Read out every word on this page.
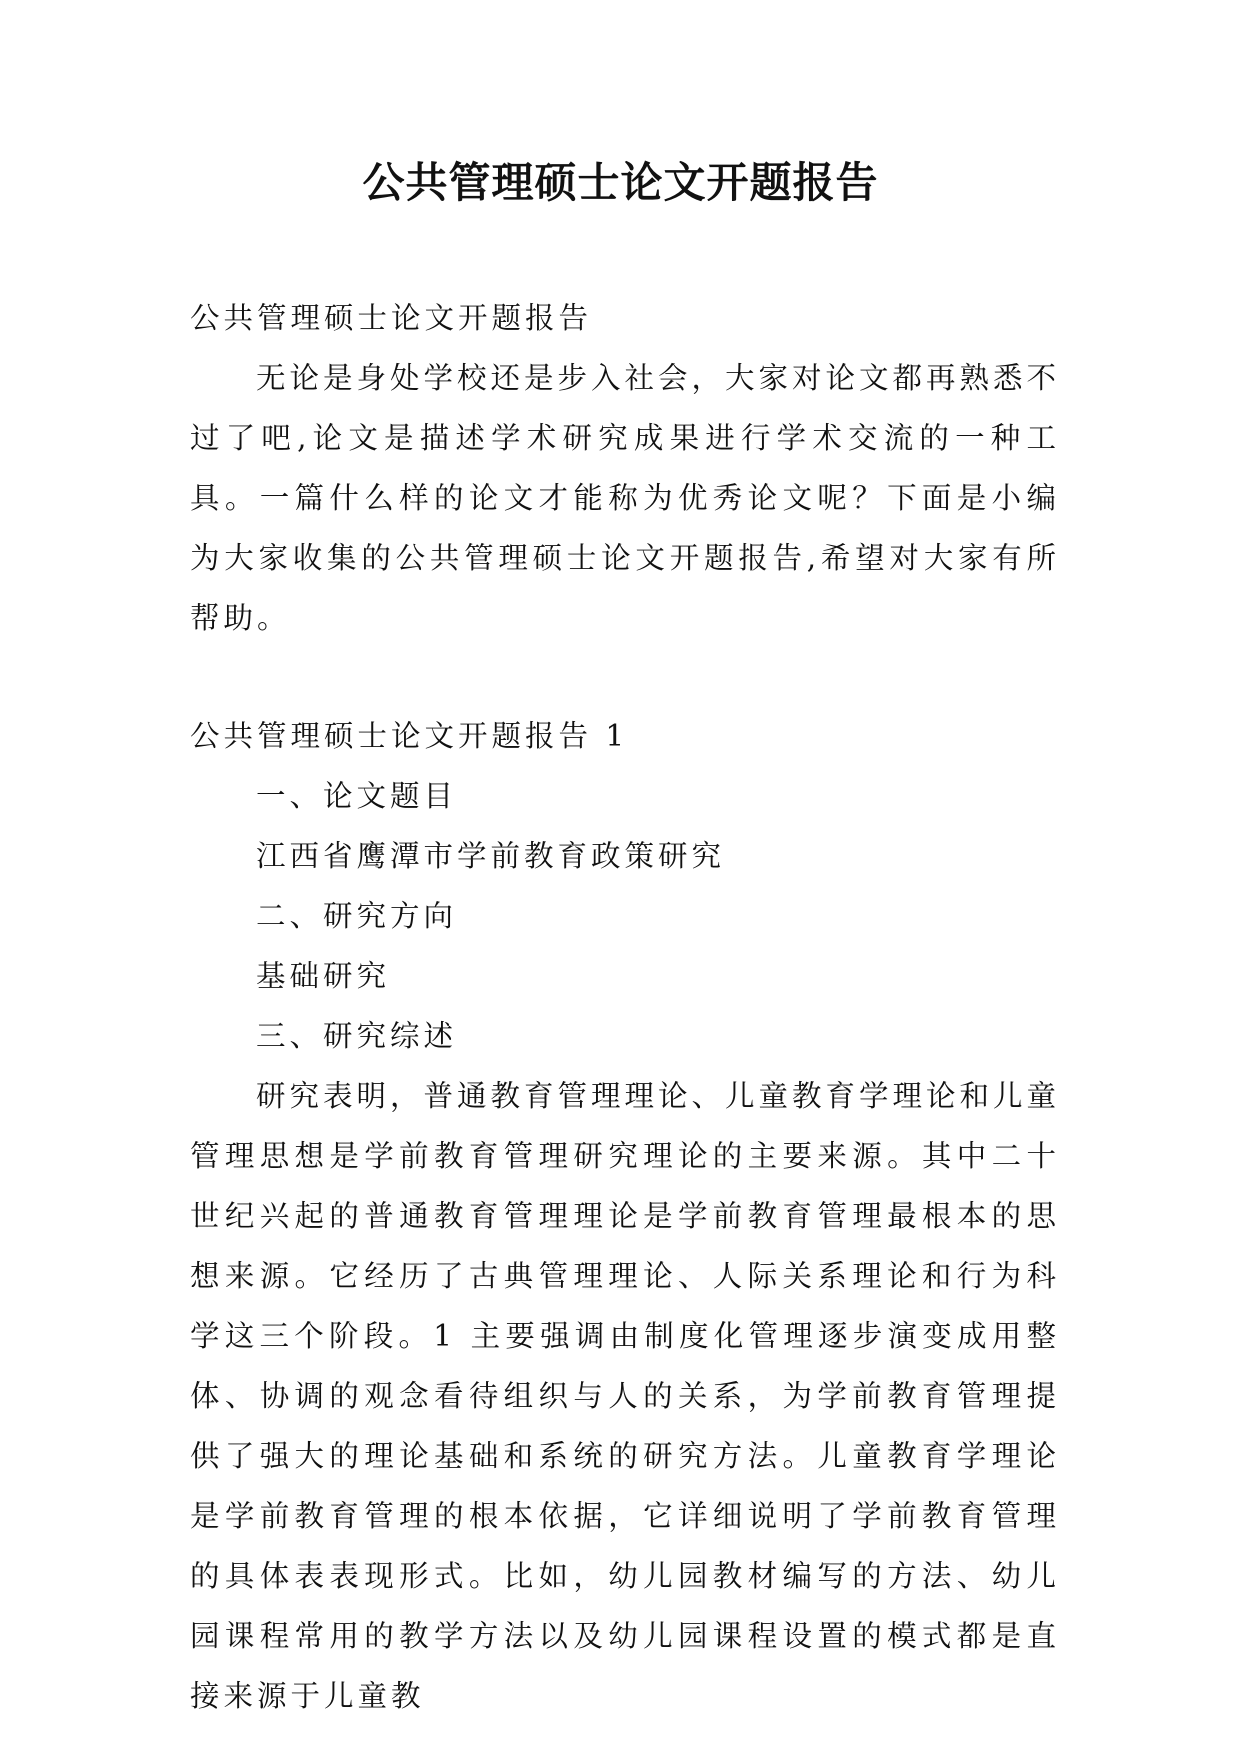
公共管理硕士论文开题报告

公共管理硕士论文开题报告

无论是身处学校还是步入社会，大家对论文都再熟悉不过了吧,论文是描述学术研究成果进行学术交流的一种工具。一篇什么样的论文才能称为优秀论文呢？下面是小编为大家收集的公共管理硕士论文开题报告,希望对大家有所帮助。

公共管理硕士论文开题报告 1

一、论文题目

江西省鹰潭市学前教育政策研究

二、研究方向

基础研究

三、研究综述

研究表明，普通教育管理理论、儿童教育学理论和儿童管理思想是学前教育管理研究理论的主要来源。其中二十世纪兴起的普通教育管理理论是学前教育管理最根本的思想来源。它经历了古典管理理论、人际关系理论和行为科学这三个阶段。1 主要强调由制度化管理逐步演变成用整体、协调的观念看待组织与人的关系，为学前教育管理提供了强大的理论基础和系统的研究方法。儿童教育学理论是学前教育管理的根本依据，它详细说明了学前教育管理的具体表表现形式。比如，幼儿园教材编写的方法、幼儿园课程常用的教学方法以及幼儿园课程设置的模式都是直接来源于儿童教
